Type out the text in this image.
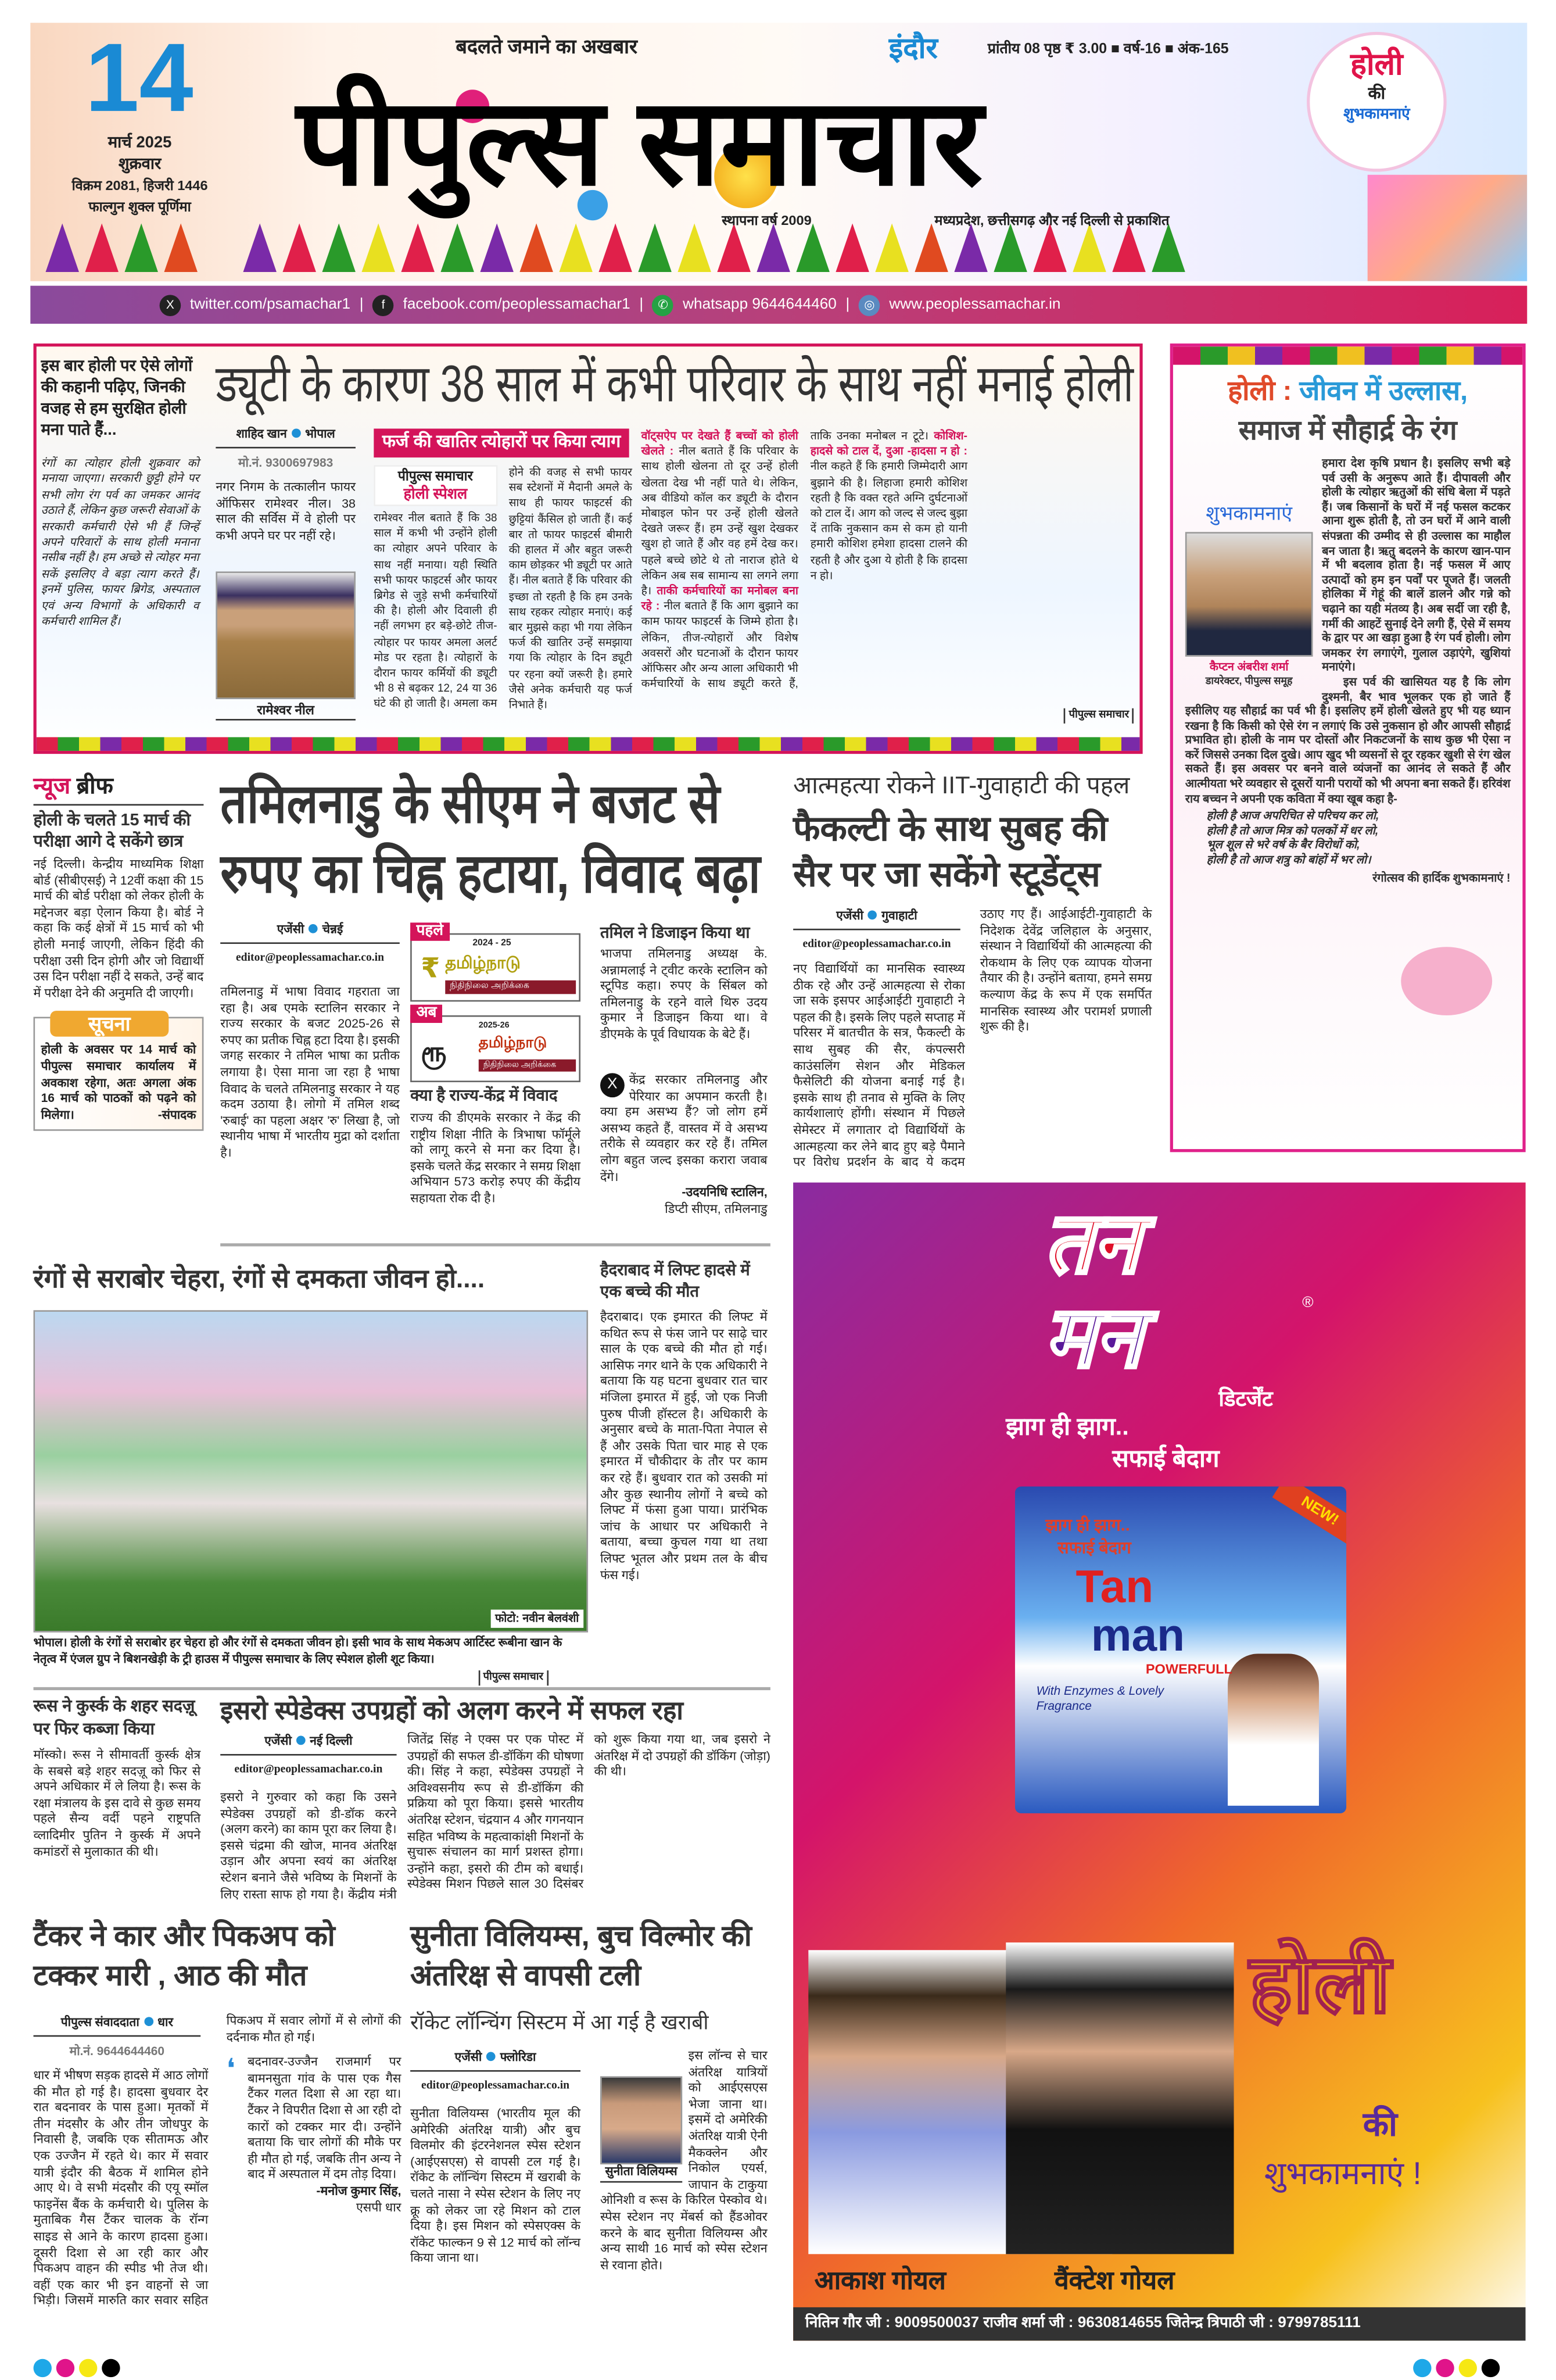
14
मार्च 2025
शुक्रवार
विक्रम 2081, हिजरी 1446
फाल्गुन शुक्ल पूर्णिमा
बदलते जमाने का अखबार	इंदौर	प्रांतीय 08 पृष्ठ ₹ 3.00 ■ वर्ष-16 ■ अंक-165
पीपुल्स समाचार
स्थापना वर्ष 2009	मध्यप्रदेश, छत्तीसगढ़ और नई दिल्ली से प्रकाशित
होली
की
शुभकामनाएं
X	twitter.com/psamachar1 |	f	facebook.com/peoplessamachar1 |	✆	whatsapp 9644644460 |	◎	www.peoplessamachar.in
इस बार होली पर ऐसे लोगों की कहानी पढ़िए, जिनकी वजह से हम सुरक्षित होली मना पाते हैं...
रंगों का त्योहार होली शुक्रवार को मनाया जाएगा। सरकारी छुट्टी होने पर सभी लोग रंग पर्व का जमकर आनंद उठाते हैं, लेकिन कुछ जरूरी सेवाओं के सरकारी कर्मचारी ऐसे भी हैं जिन्हें अपने परिवारों के साथ होली मनाना नसीब नहीं है। हम अच्छे से त्योहर मना सकें इसलिए वे बड़ा त्याग करते हैं। इनमें पुलिस, फायर ब्रिगेड, अस्पताल एवं अन्य विभागों के अधिकारी व कर्मचारी शामिल हैं।
ड्यूटी के कारण 38 साल में कभी परिवार के साथ नहीं मनाई होली
शाहिद खान	भोपाल
मो.नं. 9300697983
नगर निगम के तत्कालीन फायर ऑफिसर रामेश्वर नील। 38 साल की सर्विस में वे होली पर कभी अपने घर पर नहीं रहे।
रामेश्वर नील
फर्ज की खातिर त्योहारों पर किया त्याग
पीपुल्स समाचार
होली स्पेशल
रामेश्वर नील बताते हैं कि 38 साल में कभी भी उन्होंने होली का त्योहार अपने परिवार के साथ नहीं मनाया। यही स्थिति सभी फायर फाइटर्स और फायर ब्रिगेड से जुड़े सभी कर्मचारियों की है। होली और दिवाली ही नहीं लगभग हर बड़े-छोटे तीज-त्योहार पर फायर अमला अलर्ट मोड पर रहता है। त्योहारों के दौरान फायर कर्मियों की ड्यूटी भी 8 से बढ़कर 12, 24 या 36 घंटे की हो जाती है। अमला कम होने की वजह से सभी फायर सब स्टेशनों में मैदानी अमले के साथ ही फायर फाइटर्स की छुट्टियां कैंसिल हो जाती हैं। कई बार तो फायर फाइटर्स बीमारी की हालत में और बहुत जरूरी काम छोड़कर भी ड्यूटी पर आते हैं। नील बताते हैं कि परिवार की इच्छा तो रहती है कि हम उनके साथ रहकर त्योहार मनाएं। कई बार मुझसे कहा भी गया लेकिन फर्ज की खातिर उन्हें समझाया गया कि त्योहार के दिन ड्यूटी पर रहना क्यों जरूरी है। हमारे जैसे अनेक कर्मचारी यह फर्ज निभाते हैं।
वॉट्सऐप पर देखते हैं बच्चों को होली खेलते : नील बताते हैं कि परिवार के साथ होली खेलना तो दूर उन्हें होली खेलता देख भी नहीं पाते थे। लेकिन, अब वीडियो कॉल कर ड्यूटी के दौरान मोबाइल फोन पर उन्हें होली खेलते देखते जरूर हैं। हम उन्हें खुश देखकर खुश हो जाते हैं और वह हमें देख कर। पहले बच्चे छोटे थे तो नाराज होते थे लेकिन अब सब सामान्य सा लगने लगा है। ताकी कर्मचारियों का मनोबल बना रहे : नील बताते हैं कि आग बुझाने का काम फायर फाइटर्स के जिम्मे होता है। लेकिन, तीज-त्योहारों और विशेष अवसरों और घटनाओं के दौरान फायर ऑफिसर और अन्य आला अधिकारी भी कर्मचारियों के साथ ड्यूटी करते हैं, ताकि उनका मनोबल न टूटे। कोशिश- हादसे को टाल दें, दुआ -हादसा न हो : नील कहते हैं कि हमारी जिम्मेदारी आग बुझाने की है। लिहाजा हमारी कोशिश रहती है कि वक्त रहते अग्नि दुर्घटनाओं को टाल दें। आग को जल्द से जल्द बुझा दें ताकि नुकसान कम से कम हो यानी हमारी कोशिश हमेशा हादसा टालने की रहती है और दुआ ये होती है कि हादसा न हो।
पीपुल्स समाचार
होली : जीवन में उल्लास,
समाज में सौहार्द्र के रंग
शुभकामनाएं
कैप्टन अंबरीश शर्मा
डायरेक्टर, पीपुल्स समूह

हमारा देश कृषि प्रधान है। इसलिए सभी बड़े पर्व उसी के अनुरूप आते हैं। दीपावली और होली के त्योहार ऋतुओं की संधि बेला में पड़ते हैं। जब किसानों के घरों में नई फसल कटकर आना शुरू होती है, तो उन घरों में आने वाली संपन्नता की उम्मीद से ही उल्लास का माहौल बन जाता है। ऋतु बदलने के कारण खान-पान में भी बदलाव होता है। नई फसल में आए उत्पादों को हम इन पर्वों पर पूजते हैं। जलती होलिका में गेहूं की बालें डालने और गन्ने को चढ़ाने का यही मंतव्य है। अब सर्दी जा रही है, गर्मी की आहटें सुनाई देने लगी हैं, ऐसे में समय के द्वार पर आ खड़ा हुआ है रंग पर्व होली। लोग जमकर रंग लगाएंगे, गुलाल उड़ाएंगे, खुशियां मनाएंगे।

इस पर्व की खासियत यह है कि लोग दुश्मनी, बैर भाव भूलकर एक हो जाते हैं इसीलिए यह सौहार्द्र का पर्व भी है। इसलिए हमें होली खेलते हुए भी यह ध्यान रखना है कि किसी को ऐसे रंग न लगाएं कि उसे नुकसान हो और आपसी सौहार्द्र प्रभावित हो। होली के नाम पर दोस्तों और निकटजनों के साथ कुछ भी ऐसा न करें जिससे उनका दिल दुखे। आप खुद भी व्यसनों से दूर रहकर खुशी से रंग खेल सकते हैं। इस अवसर पर बनने वाले व्यंजनों का आनंद ले सकते हैं और आत्मीयता भरे व्यवहार से दूसरों यानी परायों को भी अपना बना सकते हैं। हरिवंश राय बच्चन ने अपनी एक कविता में क्या खूब कहा है-

होली है आज अपरिचित से परिचय कर लो,
होली है तो आज मित्र को पलकों में धर लो,
भूल शूल से भरे वर्ष के बैर विरोधों को,
होली है तो आज शत्रु को बांहों में भर लो।
रंगोत्सव की हार्दिक शुभकामनाएं !
न्यूज ब्रीफ
होली के चलते 15 मार्च की परीक्षा आगे दे सकेंगे छात्र
नई दिल्ली। केन्द्रीय माध्यमिक शिक्षा बोर्ड (सीबीएसई) ने 12वीं कक्षा की 15 मार्च की बोर्ड परीक्षा को लेकर होली के मद्देनजर बड़ा ऐलान किया है। बोर्ड ने कहा कि कई क्षेत्रों में 15 मार्च को भी होली मनाई जाएगी, लेकिन हिंदी की परीक्षा उसी दिन होगी और जो विद्यार्थी उस दिन परीक्षा नहीं दे सकते, उन्हें बाद में परीक्षा देने की अनुमति दी जाएगी।
सूचना
होली के अवसर पर 14 मार्च को पीपुल्स समाचार कार्यालय में अवकाश रहेगा, अतः अगला अंक 16 मार्च को पाठकों को पढ़ने को मिलेगा।	-संपादक
तमिलनाडु के सीएम ने बजट से रुपए का चिह्न हटाया, विवाद बढ़ा
एजेंसी	चेन्नई
editor@peoplessamachar.co.in
तमिलनाडु में भाषा विवाद गहराता जा रहा है। अब एमके स्टालिन सरकार ने राज्य सरकार के बजट 2025-26 से रुपए का प्रतीक चिह्न हटा दिया है। इसकी जगह सरकार ने तमिल भाषा का प्रतीक लगाया है। ऐसा माना जा रहा है भाषा विवाद के चलते तमिलनाडु सरकार ने यह कदम उठाया है। लोगो में तमिल शब्द 'रुबाई' का पहला अक्षर 'रु' लिखा है, जो स्थानीय भाषा में भारतीय मुद्रा को दर्शाता है।
पहले
2024 - 25
₹ தமிழ்நாடு
நிதிநிலை அறிக்கை
अब
ரூ
2025-26
தமிழ்நாடு
நிதிநிலை அறிக்கை
क्या है राज्य-केंद्र में विवाद
राज्य की डीएमके सरकार ने केंद्र की राष्ट्रीय शिक्षा नीति के त्रिभाषा फॉर्मूले को लागू करने से मना कर दिया है। इसके चलते केंद्र सरकार ने समग्र शिक्षा अभियान 573 करोड़ रुपए की केंद्रीय सहायता रोक दी है।
तमिल ने डिजाइन किया था
भाजपा तमिलनाडु अध्यक्ष के. अन्नामलाई ने ट्वीट करके स्टालिन को स्टूपिड कहा। रुपए के सिंबल को तमिलनाडु के रहने वाले थिरु उदय कुमार ने डिजाइन किया था। वे डीएमके के पूर्व विधायक के बेटे हैं।
X	केंद्र सरकार तमिलनाडु और पेरियार का अपमान करती है। क्या हम असभ्य हैं? जो लोग हमें असभ्य कहते हैं, वास्तव में वे असभ्य तरीके से व्यवहार कर रहे हैं। तमिल लोग बहुत जल्द इसका करारा जवाब देंगे।
-उदयनिधि स्टालिन,
डिप्टी सीएम, तमिलनाडु
आत्महत्या रोकने IIT-गुवाहाटी की पहल
फैकल्टी के साथ सुबह की सैर पर जा सकेंगे स्टूडेंट्स
एजेंसी	गुवाहाटी
editor@peoplessamachar.co.in
नए विद्यार्थियों का मानसिक स्वास्थ्य ठीक रहे और उन्हें आत्महत्या से रोका जा सके इसपर आईआईटी गुवाहाटी ने पहल की है। इसके लिए पहले सप्ताह में परिसर में बातचीत के सत्र, फैकल्टी के साथ सुबह की सैर, कंपल्सरी काउंसलिंग सेशन और मेडिकल फैसेलिटी की योजना बनाई गई है। इसके साथ ही तनाव से मुक्ति के लिए कार्यशालाएं होंगी। संस्थान में पिछले सेमेस्टर में लगातार दो विद्यार्थियों के आत्महत्या कर लेने बाद हुए बड़े पैमाने पर विरोध प्रदर्शन के बाद ये कदम उठाए गए हैं। आईआईटी-गुवाहाटी के निदेशक देवेंद्र जलिहाल के अनुसार, संस्थान ने विद्यार्थियों की आत्महत्या की रोकथाम के लिए एक व्यापक योजना तैयार की है। उन्होंने बताया, हमने समग्र कल्याण केंद्र के रूप में एक समर्पित मानसिक स्वास्थ्य और परामर्श प्रणाली शुरू की है।
रंगों से सराबोर चेहरा, रंगों से दमकता जीवन हो....
फोटो: नवीन बेलवंशी
भोपाल। होली के रंगों से सराबोर हर चेहरा हो और रंगों से दमकता जीवन हो। इसी भाव के साथ मेकअप आर्टिस्ट रूबीना खान के नेतृत्व में एंजल ग्रुप ने बिशनखेड़ी के ट्री हाउस में पीपुल्स समाचार के लिए स्पेशल होली शूट किया।
पीपुल्स समाचार
हैदराबाद में लिफ्ट हादसे में एक बच्चे की मौत
हैदराबाद। एक इमारत की लिफ्ट में कथित रूप से फंस जाने पर साढ़े चार साल के एक बच्चे की मौत हो गई। आसिफ नगर थाने के एक अधिकारी ने बताया कि यह घटना बुधवार रात चार मंजिला इमारत में हुई, जो एक निजी पुरुष पीजी हॉस्टल है। अधिकारी के अनुसार बच्चे के माता-पिता नेपाल से हैं और उसके पिता चार माह से एक इमारत में चौकीदार के तौर पर काम कर रहे हैं। बुधवार रात को उसकी मां और कुछ स्थानीय लोगों ने बच्चे को लिफ्ट में फंसा हुआ पाया। प्रारंभिक जांच के आधार पर अधिकारी ने बताया, बच्चा कुचल गया था तथा लिफ्ट भूतल और प्रथम तल के बीच फंस गई।
रूस ने कुर्स्क के शहर सदज़ू पर फिर कब्जा किया
मॉस्को। रूस ने सीमावर्ती कुर्स्क क्षेत्र के सबसे बड़े शहर सदज़ू को फिर से अपने अधिकार में ले लिया है। रूस के रक्षा मंत्रालय के इस दावे से कुछ समय पहले सैन्य वर्दी पहने राष्ट्रपति व्लादिमीर पुतिन ने कुर्स्क में अपने कमांडरों से मुलाकात की थी।
इसरो स्पेडेक्स उपग्रहों को अलग करने में सफल रहा
एजेंसी	नई दिल्ली
editor@peoplessamachar.co.in
इसरो ने गुरुवार को कहा कि उसने स्पेडेक्स उपग्रहों को डी-डॉक करने (अलग करने) का काम पूरा कर लिया है। इससे चंद्रमा की खोज, मानव अंतरिक्ष उड़ान और अपना स्वयं का अंतरिक्ष स्टेशन बनाने जैसे भविष्य के मिशनों के लिए रास्ता साफ हो गया है। केंद्रीय मंत्री जितेंद्र सिंह ने एक्स पर एक पोस्ट में उपग्रहों की सफल डी-डॉकिंग की घोषणा की। सिंह ने कहा, स्पेडेक्स उपग्रहों ने अविश्वसनीय रूप से डी-डॉकिंग की प्रक्रिया को पूरा किया। इससे भारतीय अंतरिक्ष स्टेशन, चंद्रयान 4 और गगनयान सहित भविष्य के महत्वाकांक्षी मिशनों के सुचारू संचालन का मार्ग प्रशस्त होगा। उन्होंने कहा, इसरो की टीम को बधाई। स्पेडेक्स मिशन पिछले साल 30 दिसंबर को शुरू किया गया था, जब इसरो ने अंतरिक्ष में दो उपग्रहों की डॉकिंग (जोड़ा) की थी।
टैंकर ने कार और पिकअप को टक्कर मारी , आठ की मौत
पीपुल्स संवाददाता	धार
मो.नं. 9644644460
धार में भीषण सड़क हादसे में आठ लोगों की मौत हो गई है। हादसा बुधवार देर रात बदनावर के पास हुआ। मृतकों में तीन मंदसौर के और तीन जोधपुर के निवासी है, जबकि एक सीतामऊ और एक उज्जैन में रहते थे। कार में सवार यात्री इंदौर की बैठक में शामिल होने आए थे। वे सभी मंदसौर की एयू स्मॉल फाइनेंस बैंक के कर्मचारी थे। पुलिस के मुताबिक गैस टैंकर चालक के रॉन्ग साइड से आने के कारण हादसा हुआ। दूसरी दिशा से आ रही कार और पिकअप वाहन की स्पीड भी तेज थी। वहीं एक कार भी इन वाहनों से जा भिड़ी। जिसमें मारुति कार सवार सहित पिकअप में सवार लोगों में से लोगों की दर्दनाक मौत हो गई।
❛	बदनावर-उज्जैन राजमार्ग पर बामनसुता गांव के पास एक गैस टैंकर गलत दिशा से आ रहा था। टैंकर ने विपरीत दिशा से आ रही दो कारों को टक्कर मार दी। उन्होंने बताया कि चार लोगों की मौके पर ही मौत हो गई, जबकि तीन अन्य ने बाद में अस्पताल में दम तोड़ दिया।
-मनोज कुमार सिंह,
एसपी धार
सुनीता विलियम्स, बुच विल्मोर की अंतरिक्ष से वापसी टली
रॉकेट लॉन्चिंग सिस्टम में आ गई है खराबी
एजेंसी	फ्लोरिडा
editor@peoplessamachar.co.in
सुनीता विलियम्स (भारतीय मूल की अमेरिकी अंतरिक्ष यात्री) और बुच विलमोर की इंटरनेशनल स्पेस स्टेशन (आईएसएस) से वापसी टल गई है। रॉकेट के लॉन्चिंग सिस्टम में खराबी के चलते नासा ने स्पेस स्टेशन के लिए नए क्रू को लेकर जा रहे मिशन को टाल दिया है। इस मिशन को स्पेसएक्स के रॉकेट फाल्कन 9 से 12 मार्च को लॉन्च किया जाना था।
सुनीता विलियम्स
इस लॉन्च से चार अंतरिक्ष यात्रियों को आईएसएस भेजा जाना था। इसमें दो अमेरिकी अंतरिक्ष यात्री ऐनी मैकक्लेन और निकोल एयर्स, जापान के टाकुया ओनिशी व रूस के किरिल पेस्कोव थे। स्पेस स्टेशन नए मेंबर्स को हैंडओवर करने के बाद सुनीता विलियम्स और अन्य साथी 16 मार्च को स्पेस स्टेशन से रवाना होते।
तन
मन	®
डिटर्जेंट
झाग ही झाग..
सफाई बेदाग
NEW!
झाग ही झाग..
सफाई बेदाग
Tan
man
POWERFULL
With Enzymes & Lovely Fragrance
होली
की
शुभकामनाएं !
आकाश गोयल	वैंक्टेश गोयल
नितिन गौर जी : 9009500037 राजीव शर्मा जी : 9630814655 जितेन्द्र त्रिपाठी जी : 9799785111
